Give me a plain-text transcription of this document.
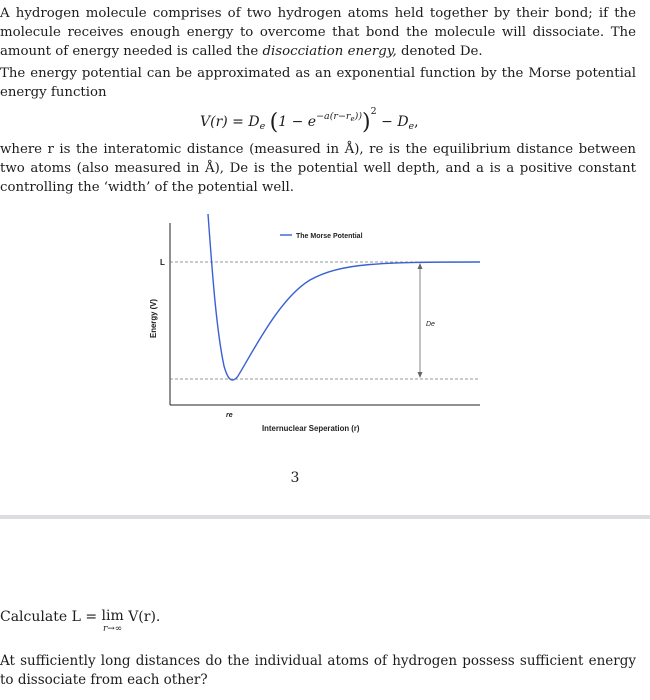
A hydrogen molecule comprises of two hydrogen atoms held together by their bond; if the molecule receives enough energy to overcome that bond the molecule will dissociate. The amount of energy needed is called the disocciation energy, denoted De.

The energy potential can be approximated as an exponential function by the Morse potential energy function

$V(r) = D_e$ $(1 - e^{-a(r-re))})^2 - D_e$,

where r is the interatomic distance (measured in Å), re is the equilibrium distance between two atoms (also measured in Å), De is the potential well depth, and a is a positive constant controlling the ‘width’ of the potential well.

The Morse Potential
L
De
re
Internuclear Seperation (r)
Energy (V)
3
Calculate L = lim
r→∞
V(r).

At sufficiently long distances do the individual atoms of hydrogen possess sufficient energy to dissociate from each other?
